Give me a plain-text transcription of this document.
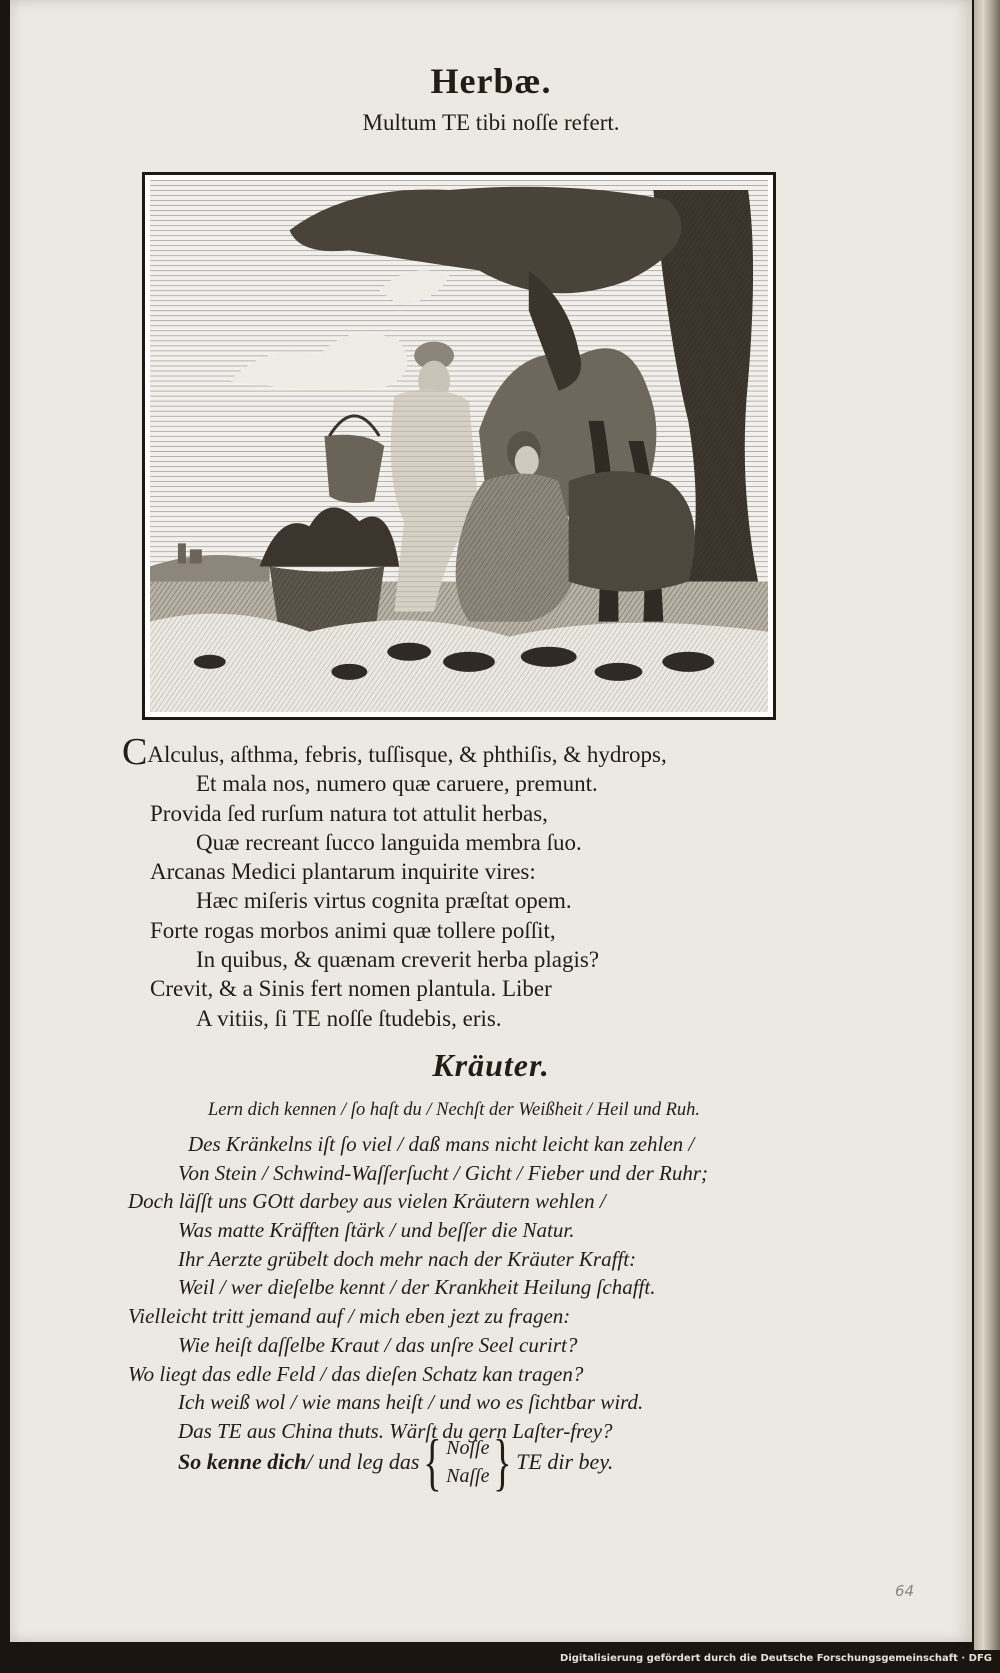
Herbæ.
Multum TE tibi noſſe refert.
CAlculus, aſthma, febris, tuſſisque, & phthiſis, & hydrops,
Et mala nos, numero quæ caruere, premunt.
Provida ſed rurſum natura tot attulit herbas,
Quæ recreant ſucco languida membra ſuo.
Arcanas Medici plantarum inquirite vires:
Hæc miſeris virtus cognita præſtat opem.
Forte rogas morbos animi quæ tollere poſſit,
In quibus, & quænam creverit herba plagis?
Crevit, & a Sinis fert nomen plantula. Liber
A vitiis, ſi TE noſſe ſtudebis, eris.
Kräuter.
Lern dich kennen / ſo haſt du / Nechſt der Weißheit / Heil und Ruh.
Des Kränkelns iſt ſo viel / daß mans nicht leicht kan zehlen /
Von Stein / Schwind-Waſſerſucht / Gicht / Fieber und der Ruhr;
Doch läſſt uns GOtt darbey aus vielen Kräutern wehlen /
Was matte Kräfften ſtärk / und beſſer die Natur.
Ihr Aerzte grübelt doch mehr nach der Kräuter Krafft:
Weil / wer dieſelbe kennt / der Krankheit Heilung ſchafft.
Vielleicht tritt jemand auf / mich eben jezt zu fragen:
Wie heiſt daſſelbe Kraut / das unſre Seel curirt?
Wo liegt das edle Feld / das dieſen Schatz kan tragen?
Ich weiß wol / wie mans heiſt / und wo es ſichtbar wird.
Das TE aus China thuts. Wärſt du gern Laſter-frey?
So kenne dich / und leg das { Noſſe
Naſſe } TE dir bey.
64
Digitalisierung gefördert durch die Deutsche Forschungsgemeinschaft · DFG
